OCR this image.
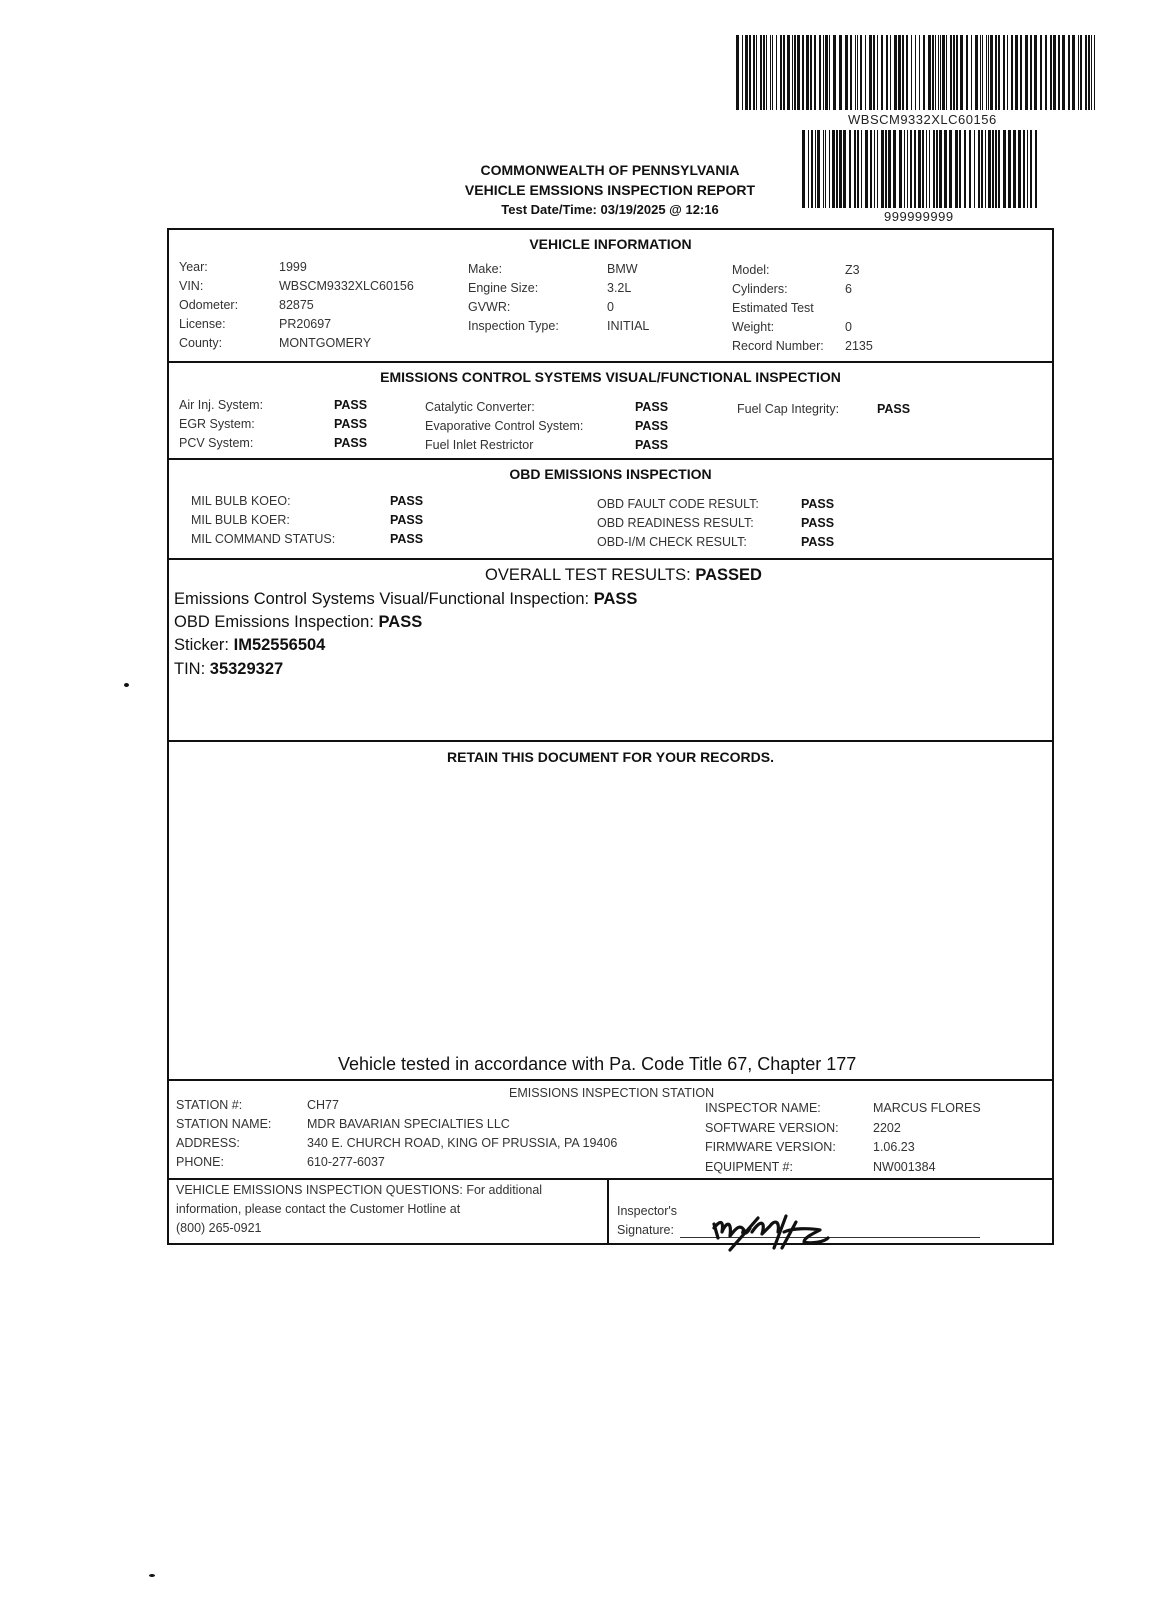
WBSCM9332XLC60156
999999999
COMMONWEALTH OF PENNSYLVANIA
VEHICLE EMSSIONS INSPECTION REPORT
Test Date/Time: 03/19/2025 @ 12:16
VEHICLE INFORMATION
Year:	1999
VIN:	WBSCM9332XLC60156
Odometer:	82875
License:	PR20697
County:	MONTGOMERY
Make:	BMW
Engine Size:	3.2L
GVWR:	0
Inspection Type:	INITIAL
Model:	Z3
Cylinders:	6
Estimated Test
Weight:	0
Record Number: 2135
EMISSIONS CONTROL SYSTEMS VISUAL/FUNCTIONAL INSPECTION
Air Inj. System:	PASS
EGR System:	PASS
PCV System:	PASS
Catalytic Converter:	PASS
Evaporative Control System:	PASS
Fuel Inlet Restrictor	PASS
Fuel Cap Integrity:	PASS
OBD EMISSIONS INSPECTION
MIL BULB KOEO:	PASS
MIL BULB KOER:	PASS
MIL COMMAND STATUS:	PASS
OBD FAULT CODE RESULT:	PASS
OBD READINESS RESULT:	PASS
OBD-I/M CHECK RESULT:	PASS
OVERALL TEST RESULTS: PASSED
Emissions Control Systems Visual/Functional Inspection: PASS
OBD Emissions Inspection: PASS
Sticker: IM52556504
TIN: 35329327
RETAIN THIS DOCUMENT FOR YOUR RECORDS.
Vehicle tested in accordance with Pa. Code Title 67, Chapter 177
EMISSIONS INSPECTION STATION
STATION #:	CH77
STATION NAME:	MDR BAVARIAN SPECIALTIES LLC
ADDRESS:	340 E. CHURCH ROAD, KING OF PRUSSIA, PA 19406
PHONE:	610-277-6037
INSPECTOR NAME:	MARCUS FLORES
SOFTWARE VERSION:	2202
FIRMWARE VERSION:	1.06.23
EQUIPMENT #:	NW001384
VEHICLE EMISSIONS INSPECTION QUESTIONS: For additional
information, please contact the Customer Hotline at
(800) 265-0921
Inspector's
Signature:
